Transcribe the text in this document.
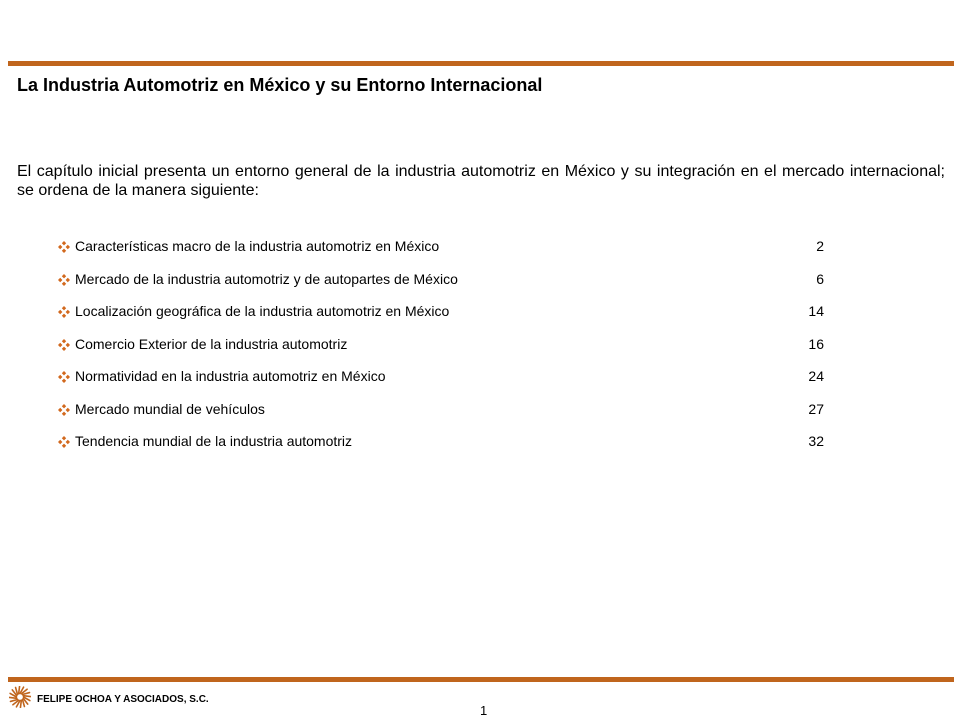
La Industria Automotriz en México y su Entorno Internacional
El capítulo inicial presenta un entorno general de la industria automotriz en México y su integración en el mercado internacional; se ordena de la manera siguiente:
Características macro de la industria automotriz en México	2
Mercado de la industria automotriz y de autopartes de México	6
Localización geográfica de la industria automotriz en México	14
Comercio Exterior de la industria automotriz	16
Normatividad en la industria automotriz en México	24
Mercado mundial de vehículos	27
Tendencia mundial de la industria automotriz	32
FELIPE OCHOA Y ASOCIADOS, S.C.
1
